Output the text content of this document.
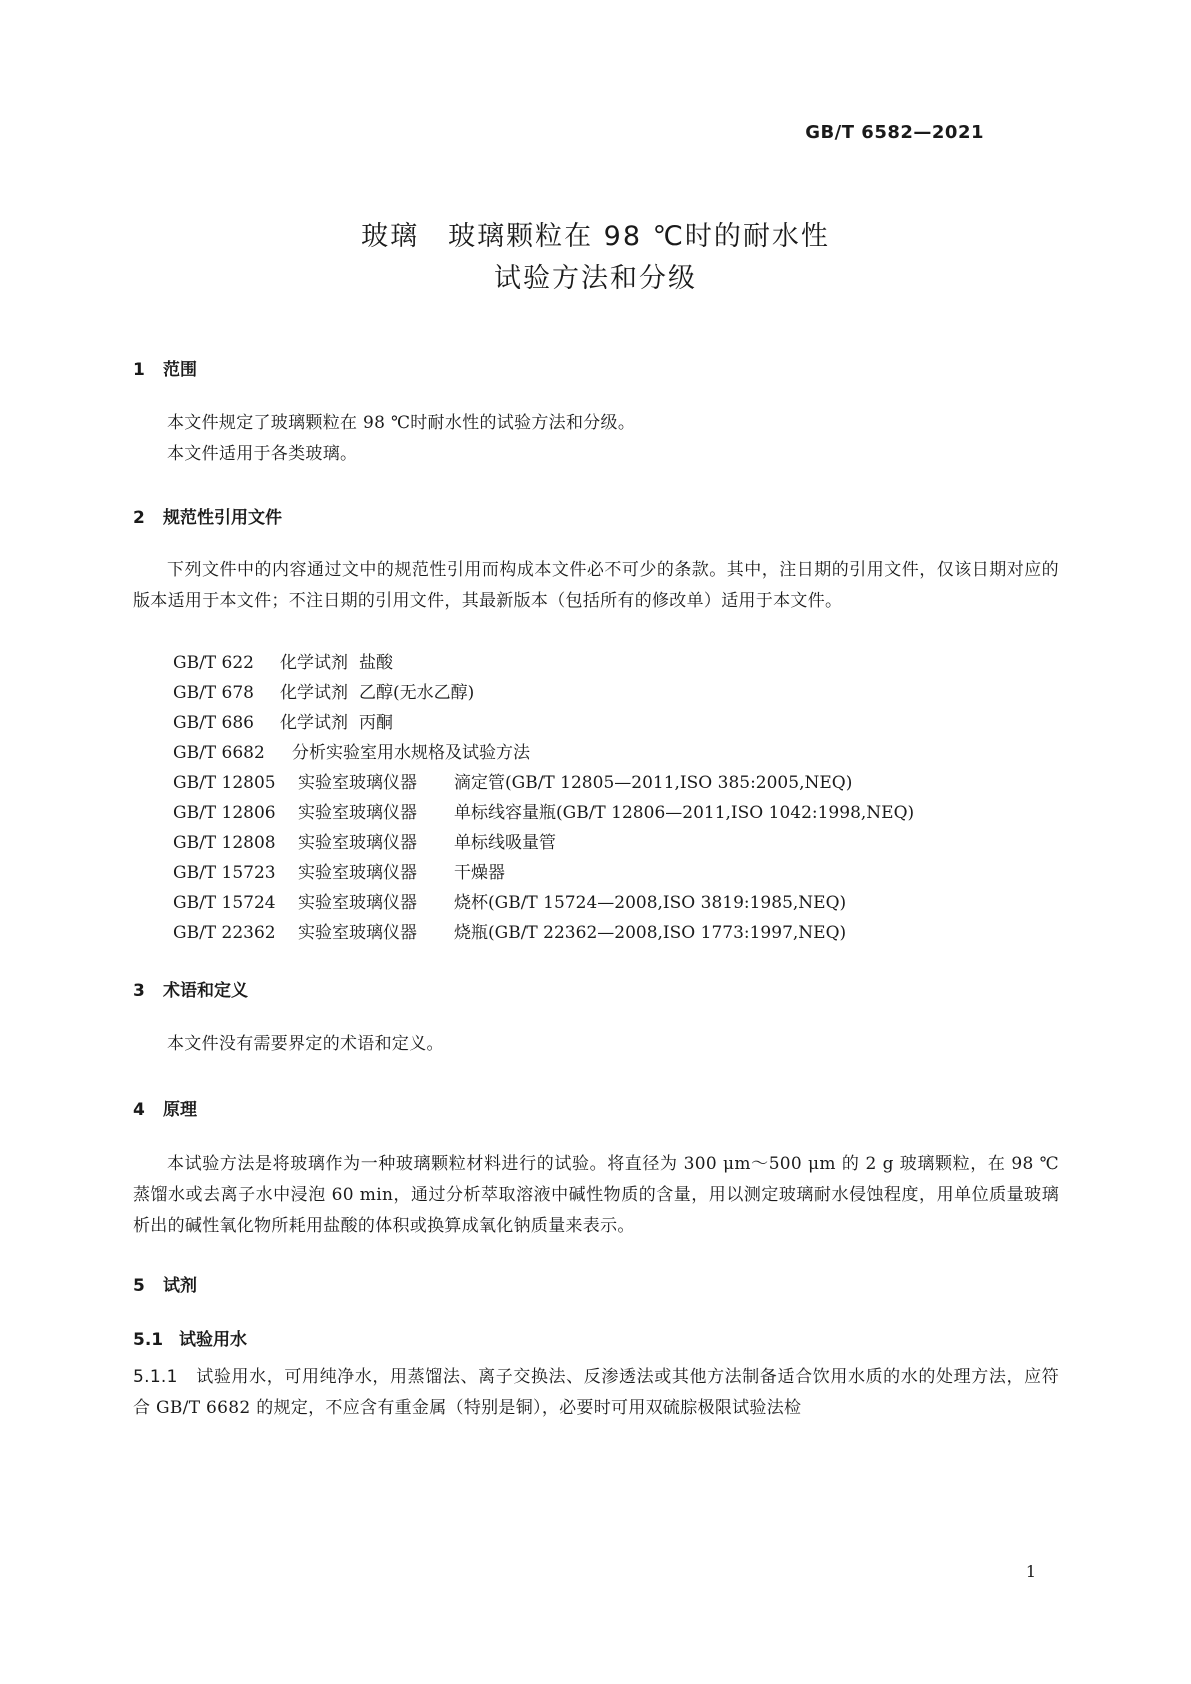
GB/T 6582—2021
玻璃　玻璃颗粒在 98 ℃时的耐水性
试验方法和分级
1 范围
本文件规定了玻璃颗粒在 98 ℃时耐水性的试验方法和分级。
本文件适用于各类玻璃。
2 规范性引用文件
下列文件中的内容通过文中的规范性引用而构成本文件必不可少的条款。其中，注日期的引用文件，仅该日期对应的版本适用于本文件；不注日期的引用文件，其最新版本（包括所有的修改单）适用于本文件。
GB/T 622 化学试剂 盐酸
GB/T 678 化学试剂 乙醇(无水乙醇)
GB/T 686 化学试剂 丙酮
GB/T 6682 分析实验室用水规格及试验方法
GB/T 12805 实验室玻璃仪器 滴定管(GB/T 12805—2011,ISO 385:2005,NEQ)
GB/T 12806 实验室玻璃仪器 单标线容量瓶(GB/T 12806—2011,ISO 1042:1998,NEQ)
GB/T 12808 实验室玻璃仪器 单标线吸量管
GB/T 15723 实验室玻璃仪器 干燥器
GB/T 15724 实验室玻璃仪器 烧杯(GB/T 15724—2008,ISO 3819:1985,NEQ)
GB/T 22362 实验室玻璃仪器 烧瓶(GB/T 22362—2008,ISO 1773:1997,NEQ)
3 术语和定义
本文件没有需要界定的术语和定义。
4 原理
本试验方法是将玻璃作为一种玻璃颗粒材料进行的试验。将直径为 300 μm～500 μm 的 2 g 玻璃颗粒，在 98 ℃蒸馏水或去离子水中浸泡 60 min，通过分析萃取溶液中碱性物质的含量，用以测定玻璃耐水侵蚀程度，用单位质量玻璃析出的碱性氧化物所耗用盐酸的体积或换算成氧化钠质量来表示。
5 试剂
5.1 试验用水
5.1.1 试验用水，可用纯净水，用蒸馏法、离子交换法、反渗透法或其他方法制备适合饮用水质的水的处理方法，应符合 GB/T 6682 的规定，不应含有重金属（特别是铜），必要时可用双硫腙极限试验法检
1
